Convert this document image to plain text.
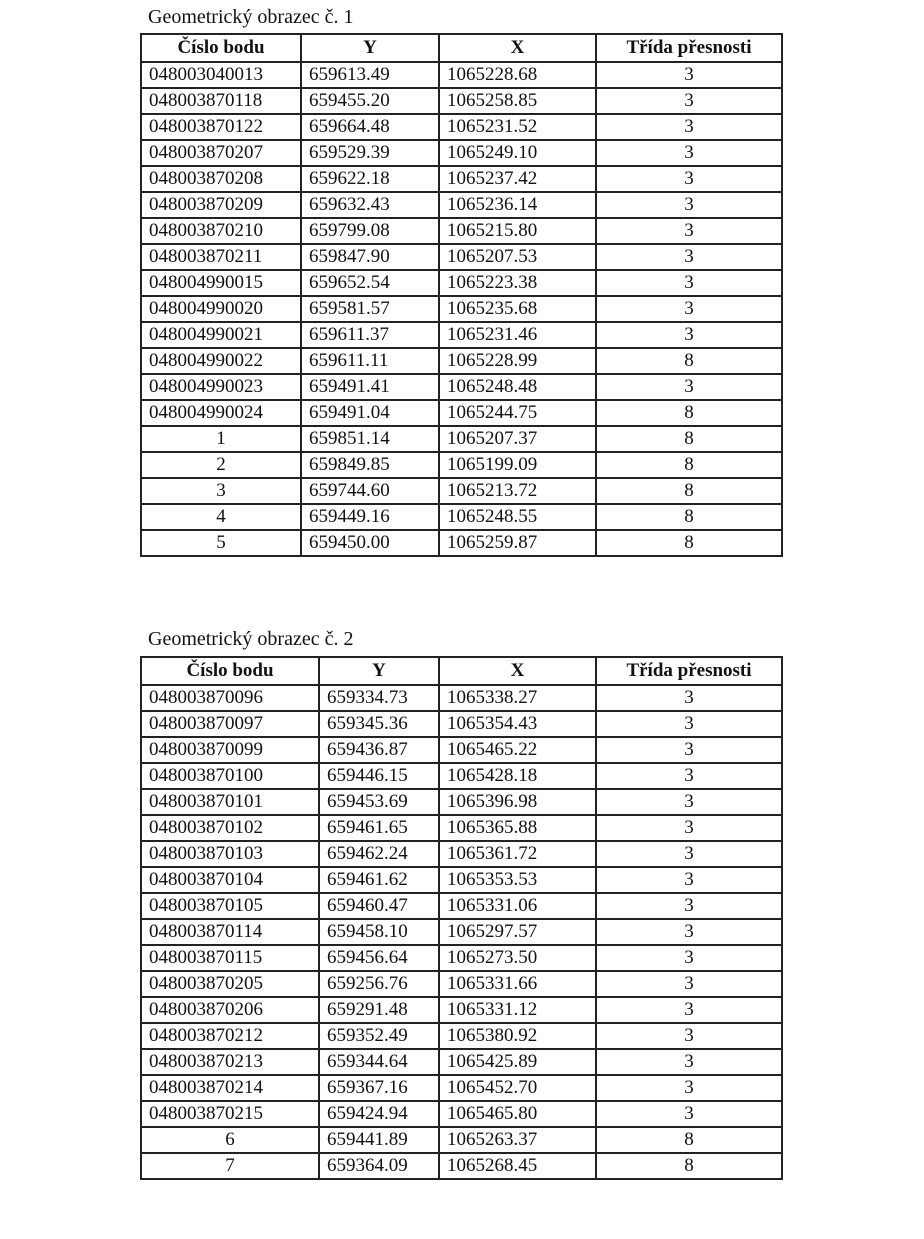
Geometrický obrazec č. 1
Číslo bodu	Y	X	Třída přesnosti
048003040013	659613.49	1065228.68	3
048003870118	659455.20	1065258.85	3
048003870122	659664.48	1065231.52	3
048003870207	659529.39	1065249.10	3
048003870208	659622.18	1065237.42	3
048003870209	659632.43	1065236.14	3
048003870210	659799.08	1065215.80	3
048003870211	659847.90	1065207.53	3
048004990015	659652.54	1065223.38	3
048004990020	659581.57	1065235.68	3
048004990021	659611.37	1065231.46	3
048004990022	659611.11	1065228.99	8
048004990023	659491.41	1065248.48	3
048004990024	659491.04	1065244.75	8
1	659851.14	1065207.37	8
2	659849.85	1065199.09	8
3	659744.60	1065213.72	8
4	659449.16	1065248.55	8
5	659450.00	1065259.87	8
Geometrický obrazec č. 2
Číslo bodu	Y	X	Třída přesnosti
048003870096	659334.73	1065338.27	3
048003870097	659345.36	1065354.43	3
048003870099	659436.87	1065465.22	3
048003870100	659446.15	1065428.18	3
048003870101	659453.69	1065396.98	3
048003870102	659461.65	1065365.88	3
048003870103	659462.24	1065361.72	3
048003870104	659461.62	1065353.53	3
048003870105	659460.47	1065331.06	3
048003870114	659458.10	1065297.57	3
048003870115	659456.64	1065273.50	3
048003870205	659256.76	1065331.66	3
048003870206	659291.48	1065331.12	3
048003870212	659352.49	1065380.92	3
048003870213	659344.64	1065425.89	3
048003870214	659367.16	1065452.70	3
048003870215	659424.94	1065465.80	3
6	659441.89	1065263.37	8
7	659364.09	1065268.45	8
